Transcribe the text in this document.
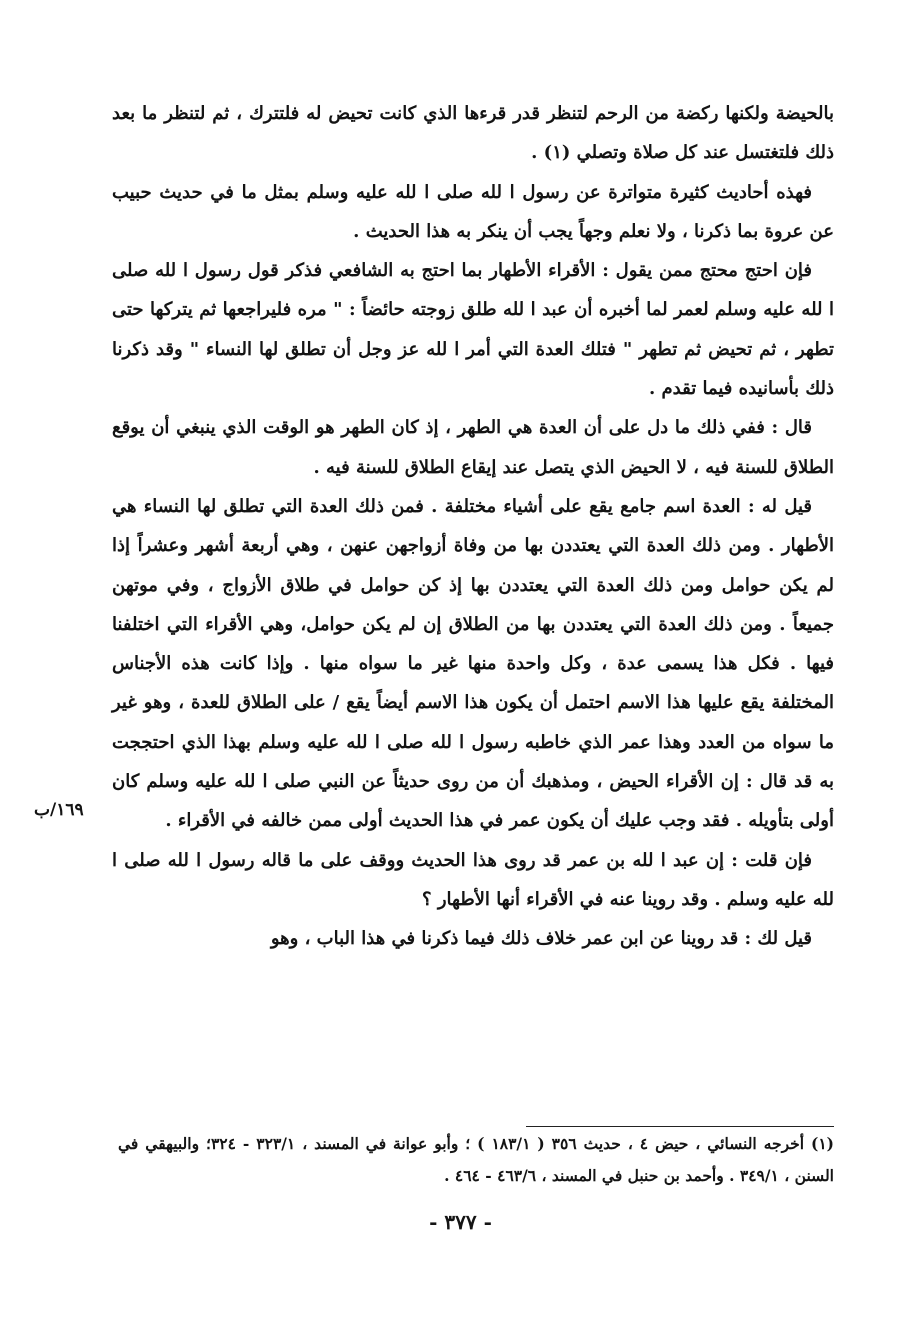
بالحيضة ولكنها ركضة من الرحم لتنظر قدر قرءها الذي كانت تحيض له فلتترك ، ثم لتنظر ما بعد ذلك فلتغتسل عند كل صلاة وتصلي (١) .

فهذه أحاديث كثيرة متواترة عن رسول ا لله صلى ا لله عليه وسلم بمثل ما في حديث حبيب عن عروة بما ذكرنا ، ولا نعلم وجهاً يجب أن ينكر به هذا الحديث .

فإن احتج محتج ممن يقول : الأقراء الأطهار بما احتج به الشافعي فذكر قول رسول ا لله صلى ا لله عليه وسلم لعمر لما أخبره أن عبد ا لله طلق زوجته حائضاً : " مره فليراجعها ثم يتركها حتى تطهر ، ثم تحيض ثم تطهر " فتلك العدة التي أمر ا لله عز وجل أن تطلق لها النساء " وقد ذكرنا ذلك بأسانيده فيما تقدم .

قال : ففي ذلك ما دل على أن العدة هي الطهر ، إذ كان الطهر هو الوقت الذي ينبغي أن يوقع الطلاق للسنة فيه ، لا الحيض الذي يتصل عند إيقاع الطلاق للسنة فيه .

قيل له : العدة اسم جامع يقع على أشياء مختلفة . فمن ذلك العدة التي تطلق لها النساء هي الأطهار . ومن ذلك العدة التي يعتددن بها من وفاة أزواجهن عنهن ، وهي أربعة أشهر وعشراً إذا لم يكن حوامل ومن ذلك العدة التي يعتددن بها إذ كن حوامل في طلاق الأزواج ، وفي موتهن جميعاً . ومن ذلك العدة التي يعتددن بها من الطلاق إن لم يكن حوامل، وهي الأقراء التي اختلفنا فيها . فكل هذا يسمى عدة ، وكل واحدة منها غير ما سواه منها . وإذا كانت هذه الأجناس المختلفة يقع عليها هذا الاسم احتمل أن يكون هذا الاسم أيضاً يقع / على الطلاق للعدة ، وهو غير ما سواه من العدد وهذا عمر الذي خاطبه رسول ا لله صلى ا لله عليه وسلم بهذا الذي احتججت به قد قال : إن الأقراء الحيض ، ومذهبك أن من روى حديثاً عن النبي صلى ا لله عليه وسلم كان أولى بتأويله . فقد وجب عليك أن يكون عمر في هذا الحديث أولى ممن خالفه في الأقراء .

فإن قلت : إن عبد ا لله بن عمر قد روى هذا الحديث ووقف على ما قاله رسول ا لله صلى ا لله عليه وسلم . وقد روينا عنه في الأقراء أنها الأطهار ؟

قيل لك : قد روينا عن ابن عمر خلاف ذلك فيما ذكرنا في هذا الباب ، وهو

١٦٩/ب

(١) أخرجه النسائي ، حيض ٤ ، حديث ٣٥٦ ( ١٨٣/١ ) ؛ وأبو عوانة في المسند ، ٣٢٣/١ - ٣٢٤؛ والبيهقي في السنن ، ٣٤٩/١ . وأحمد بن حنبل في المسند ، ٤٦٣/٦ - ٤٦٤ .

- ٣٧٧ -
